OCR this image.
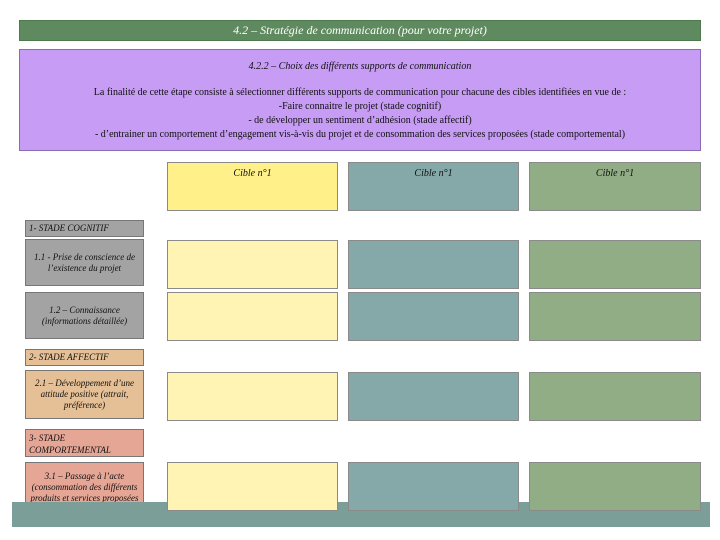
4.2 – Stratégie de communication (pour votre projet)
4.2.2 – Choix des différents supports de communication
La finalité de cette étape consiste à sélectionner différents supports de communication pour chacune des cibles identifiées en vue de :
-Faire connaitre le projet (stade cognitif)
- de développer un sentiment d’adhésion (stade affectif)
- d’entrainer un comportement d’engagement vis-à-vis du projet et de consommation des services proposées (stade comportemental)
Cible n°1	Cible n°1	Cible n°1
1- STADE COGNITIF
1.1 - Prise de conscience de l’existence du projet
1.2 – Connaissance (informations détaillée)
2- STADE AFFECTIF
2.1 – Développement d’une attitude positive (attrait, préférence)
3- STADE COMPORTEMENTAL
3.1 – Passage à l’acte (consommation des différents produits et services proposées
